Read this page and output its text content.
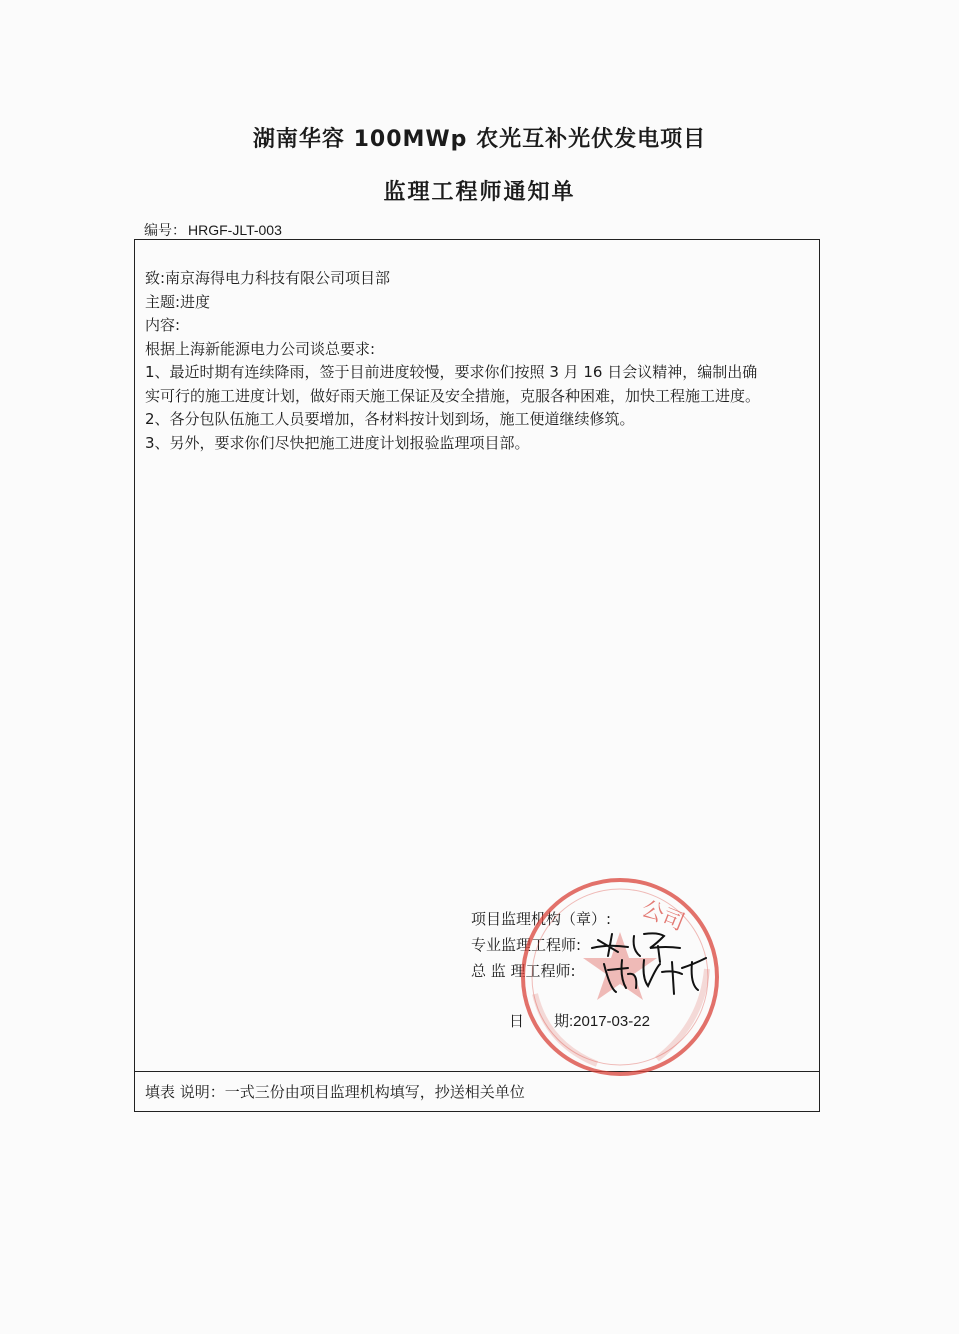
湖南华容 100MWp 农光互补光伏发电项目
监理工程师通知单
编号： HRGF-JLT-003
致:南京海得电力科技有限公司项目部
主题:进度
内容:
根据上海新能源电力公司谈总要求:
1、最近时期有连续降雨，签于目前进度较慢，要求你们按照 3 月 16 日会议精神，编制出确
实可行的施工进度计划，做好雨天施工保证及安全措施，克服各种困难，加快工程施工进度。
2、各分包队伍施工人员要增加，各材料按计划到场，施工便道继续修筑。
3、另外，要求你们尽快把施工进度计划报验监理项目部。
项目监理机构（章）:
专业监理工程师:
总 监 理工程师:
日　　期:2017-03-22
填表 说明：一式三份由项目监理机构填写，抄送相关单位
公司
